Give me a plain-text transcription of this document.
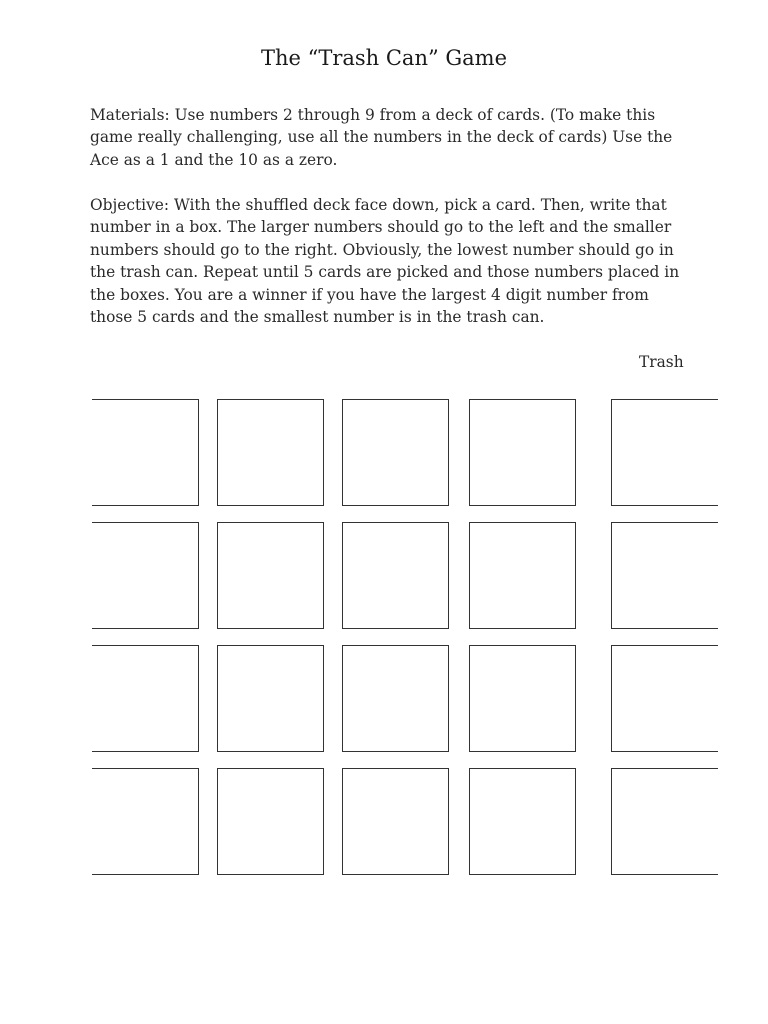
The “Trash Can” Game

Materials: Use numbers 2 through 9 from a deck of cards. (To make this game really challenging, use all the numbers in the deck of cards) Use the Ace as a 1 and the 10 as a zero.

Objective: With the shuffled deck face down, pick a card. Then, write that number in a box. The larger numbers should go to the left and the smaller numbers should go to the right. Obviously, the lowest number should go in the trash can. Repeat until 5 cards are picked and those numbers placed in the boxes. You are a winner if you have the largest 4 digit number from those 5 cards and the smallest number is in the trash can.

Trash
